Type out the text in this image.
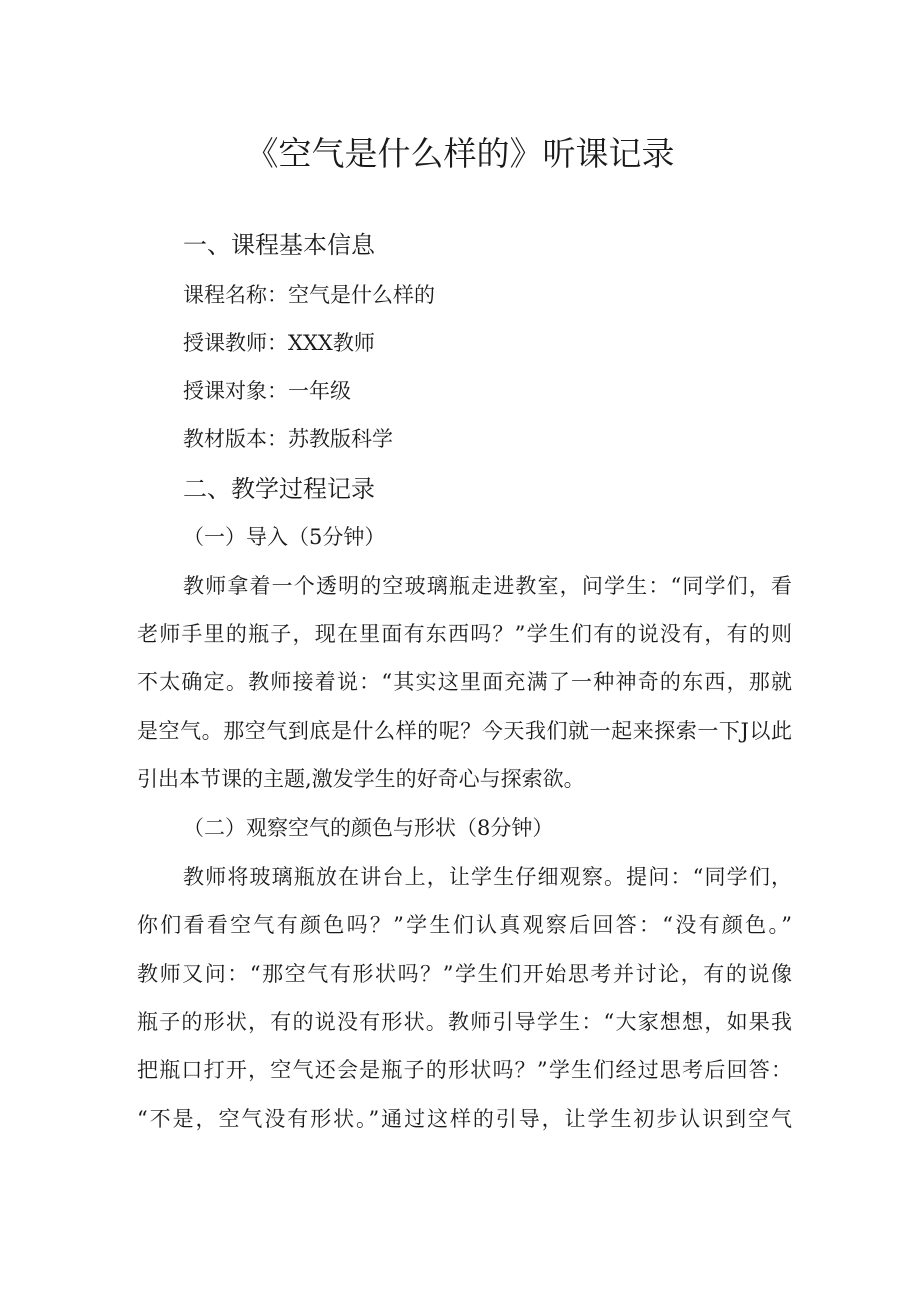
《空气是什么样的》听课记录
一、课程基本信息
课程名称：空气是什么样的
授课教师：XXX教师
授课对象：一年级
教材版本：苏教版科学
二、教学过程记录
（一）导入（5分钟）
教师拿着一个透明的空玻璃瓶走进教室，问学生：“同学们，看
老师手里的瓶子，现在里面有东西吗？”学生们有的说没有，有的则
不太确定。教师接着说：“其实这里面充满了一种神奇的东西，那就
是空气。那空气到底是什么样的呢？今天我们就一起来探索一下J以此
引出本节课的主题,激发学生的好奇心与探索欲。
（二）观察空气的颜色与形状（8分钟）
教师将玻璃瓶放在讲台上，让学生仔细观察。提问：“同学们，
你们看看空气有颜色吗？”学生们认真观察后回答：“没有颜色。”
教师又问：“那空气有形状吗？”学生们开始思考并讨论，有的说像
瓶子的形状，有的说没有形状。教师引导学生：“大家想想，如果我
把瓶口打开，空气还会是瓶子的形状吗？”学生们经过思考后回答：
“不是，空气没有形状。”通过这样的引导，让学生初步认识到空气
